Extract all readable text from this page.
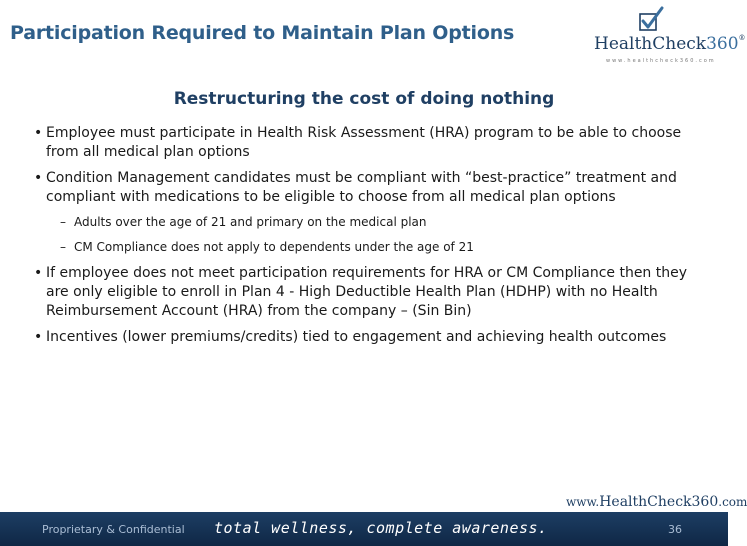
Participation Required to Maintain Plan Options	HealthCheck360®
www.healthcheck360.com
Restructuring the cost of doing nothing
• Employee must participate in Health Risk Assessment (HRA) program to be able to choose from all medical plan options
• Condition Management candidates must be compliant with “best-practice” treatment and compliant with medications to be eligible to choose from all medical plan options
– Adults over the age of 21 and primary on the medical plan
– CM Compliance does not apply to dependents under the age of 21
• If employee does not meet participation requirements for HRA or CM Compliance then they are only eligible to enroll in Plan 4 - High Deductible Health Plan (HDHP) with no Health Reimbursement Account (HRA) from the company – (Sin Bin)
• Incentives (lower premiums/credits) tied to engagement and achieving health outcomes
www.HealthCheck360.com
Proprietary & Confidential total wellness, complete awareness.	36
